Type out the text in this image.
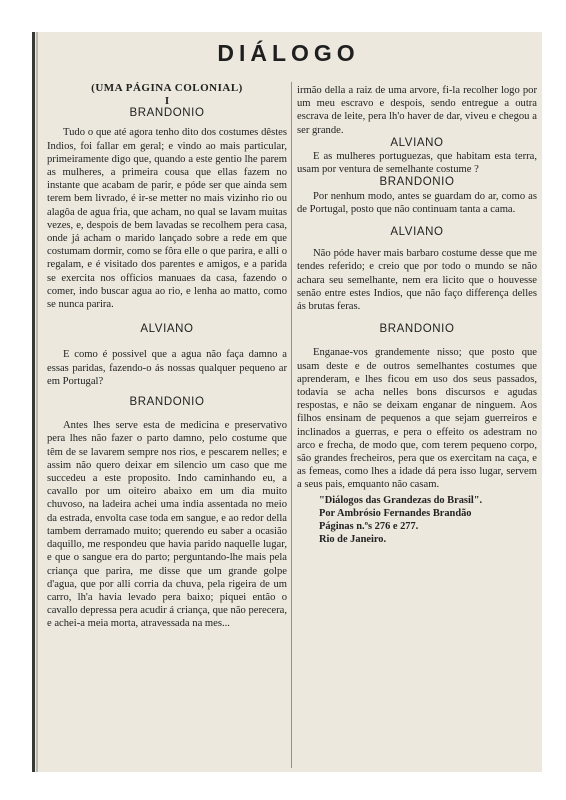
DIÁLOGO
(UMA PÁGINA COLONIAL)
I
BRANDONIO

Tudo o que até agora tenho dito dos costumes dêstes Indios, foi fallar em geral; e vindo ao mais particular, primeiramente digo que, quando a este gentio lhe parem as mulheres, a primeira cousa que ellas fazem no instante que acabam de parir, e póde ser que ainda sem terem bem livrado, é ir-se metter no mais vizinho rio ou alagôa de agua fria, que acham, no qual se lavam muitas vezes, e, despois de bem lavadas se recolhem pera casa, onde já acham o marido lançado sobre a rede em que costumam dormir, como se fôra elle o que parira, e alli o regalam, e é visitado dos parentes e amigos, e a parida se exercita nos officios manuaes da casa, fazendo o comer, indo buscar agua ao rio, e lenha ao matto, como se nunca parira.

ALVIANO

E como é possivel que a agua não faça damno a essas paridas, fazendo-o ás nossas qualquer pequeno ar em Portugal?

BRANDONIO

Antes lhes serve esta de medicina e preservativo pera lhes não fazer o parto damno, pelo costume que têm de se lavarem sempre nos rios, e pescarem nelles; e assim não quero deixar em silencio um caso que me succedeu a este proposito. Indo caminhando eu, a cavallo por um oiteiro abaixo em um dia muito chuvoso, na ladeira achei uma india assentada no meio da estrada, envolta case toda em sangue, e ao redor della tambem derramado muito; querendo eu saber a ocasião daquillo, me respondeu que havia parido naquelle lugar, e que o sangue era do parto; perguntando-lhe mais pela criança que parira, me disse que um grande golpe d'agua, que por alli corria da chuva, pela rigeira de um carro, lh'a havia levado pera baixo; piquei então o cavallo depressa pera acudir á criança, que não perecera, e achei-a meia morta, atravessada na mes...

irmão della a raiz de uma arvore, fi-la recolher logo por um meu escravo e despois, sendo entregue a outra escrava de leite, pera lh'o haver de dar, viveu e chegou a ser grande.

ALVIANO

E as mulheres portuguezas, que habitam esta terra, usam por ventura de semelhante costume ?

BRANDONIO

Por nenhum modo, antes se guardam do ar, como as de Portugal, posto que não continuam tanta a cama.

ALVIANO

Não póde haver mais barbaro costume desse que me tendes referido; e creio que por todo o mundo se não achara seu semelhante, nem era licito que o houvesse senão entre estes Indios, que não faço differença delles ás brutas feras.

BRANDONIO

Enganae-vos grandemente nisso; que posto que usam deste e de outros semelhantes costumes que aprenderam, e lhes ficou em uso dos seus passados, todavia se acha nelles bons discursos e agudas respostas, e não se deixam enganar de ninguem. Aos filhos ensinam de pequenos a que sejam guerreiros e inclinados a guerras, e pera o effeito os adestram no arco e frecha, de modo que, com terem pequeno corpo, são grandes frecheiros, pera que os exercitam na caça, e as femeas, como lhes a idade dá pera isso lugar, servem a seus pais, emquanto não casam.

"Diálogos das Grandezas do Brasil".
Por Ambrósio Fernandes Brandão
Páginas n.ºs 276 e 277.
Rio de Janeiro.
